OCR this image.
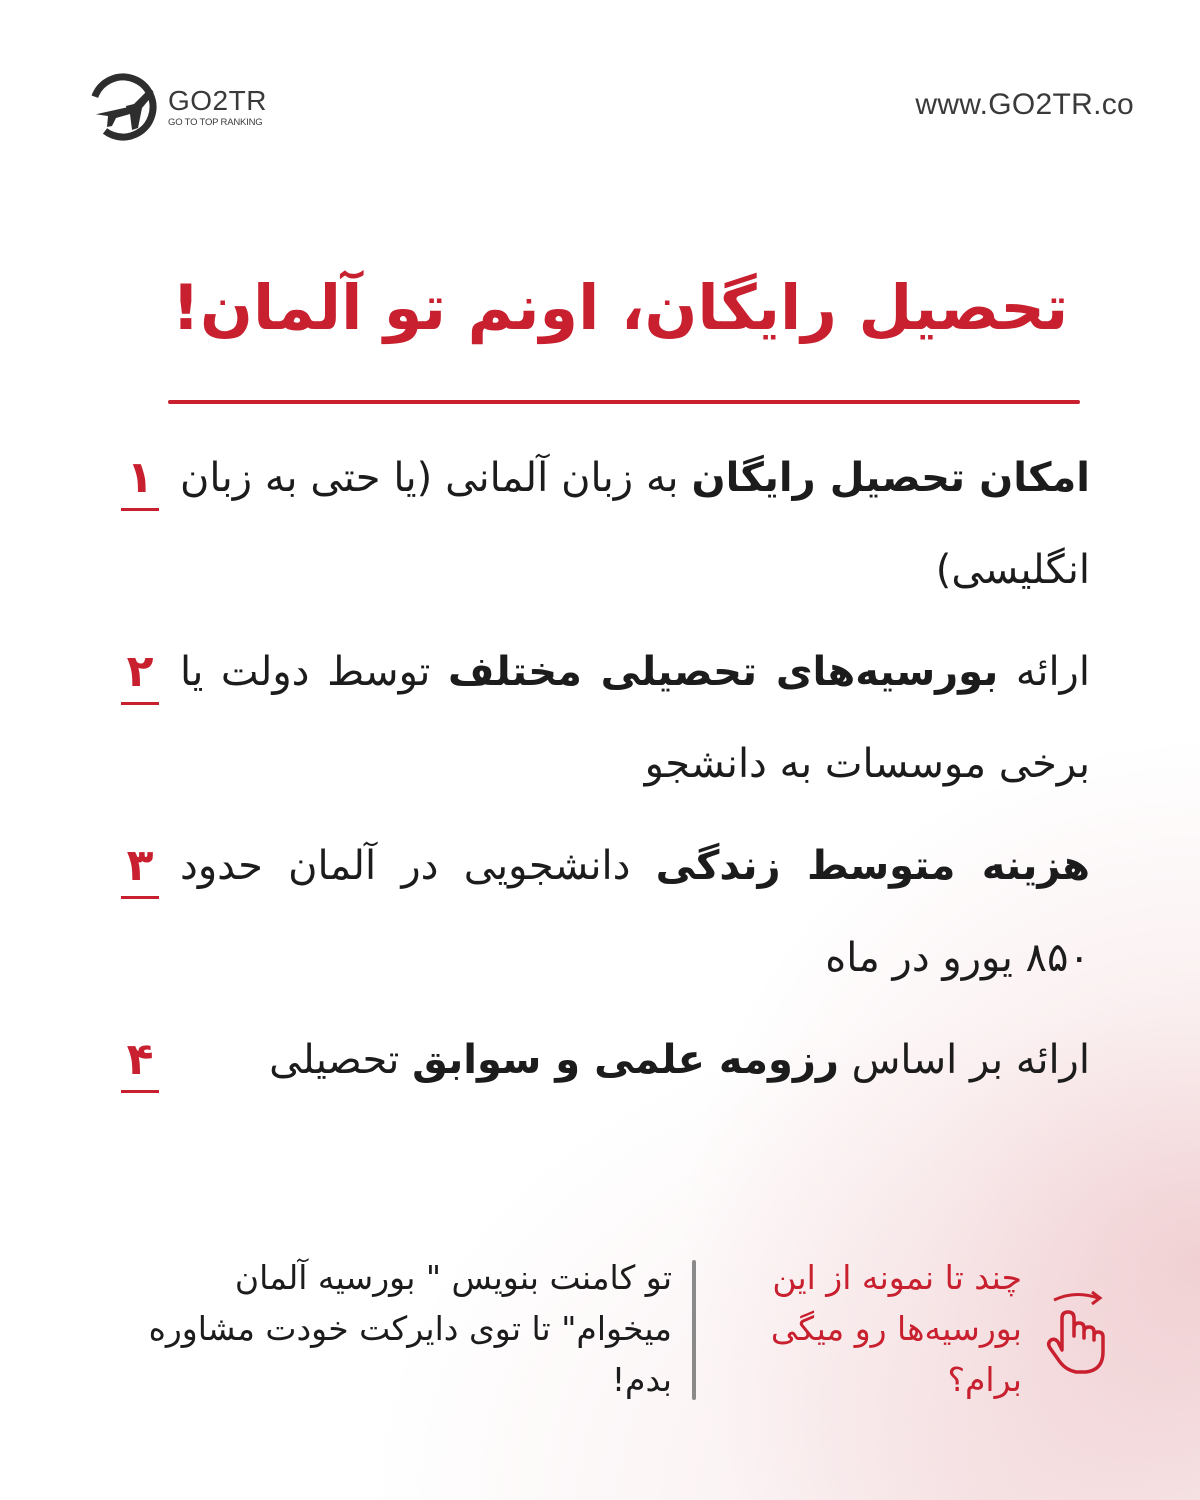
GO2TR
GO TO TOP RANKING
www.GO2TR.co
تحصیل رایگان، اونم تو آلمان!
امکان تحصیل رایگان به زبان آلمانی (یا حتی به زبان انگلیسی)
۱
ارائه بورسیه‌های تحصیلی مختلف توسط دولت یا برخی موسسات به دانشجو
۲
هزینه متوسط زندگی دانشجویی در آلمان حدود ۸۵۰ یورو در ماه
۳
ارائه بر اساس رزومه علمی و سوابق تحصیلی
۴
چند تا نمونه از این بورسیه‌ها رو میگی برام؟
تو کامنت بنویس " بورسیه آلمان میخوام" تا توی دایرکت خودت مشاوره بدم!
